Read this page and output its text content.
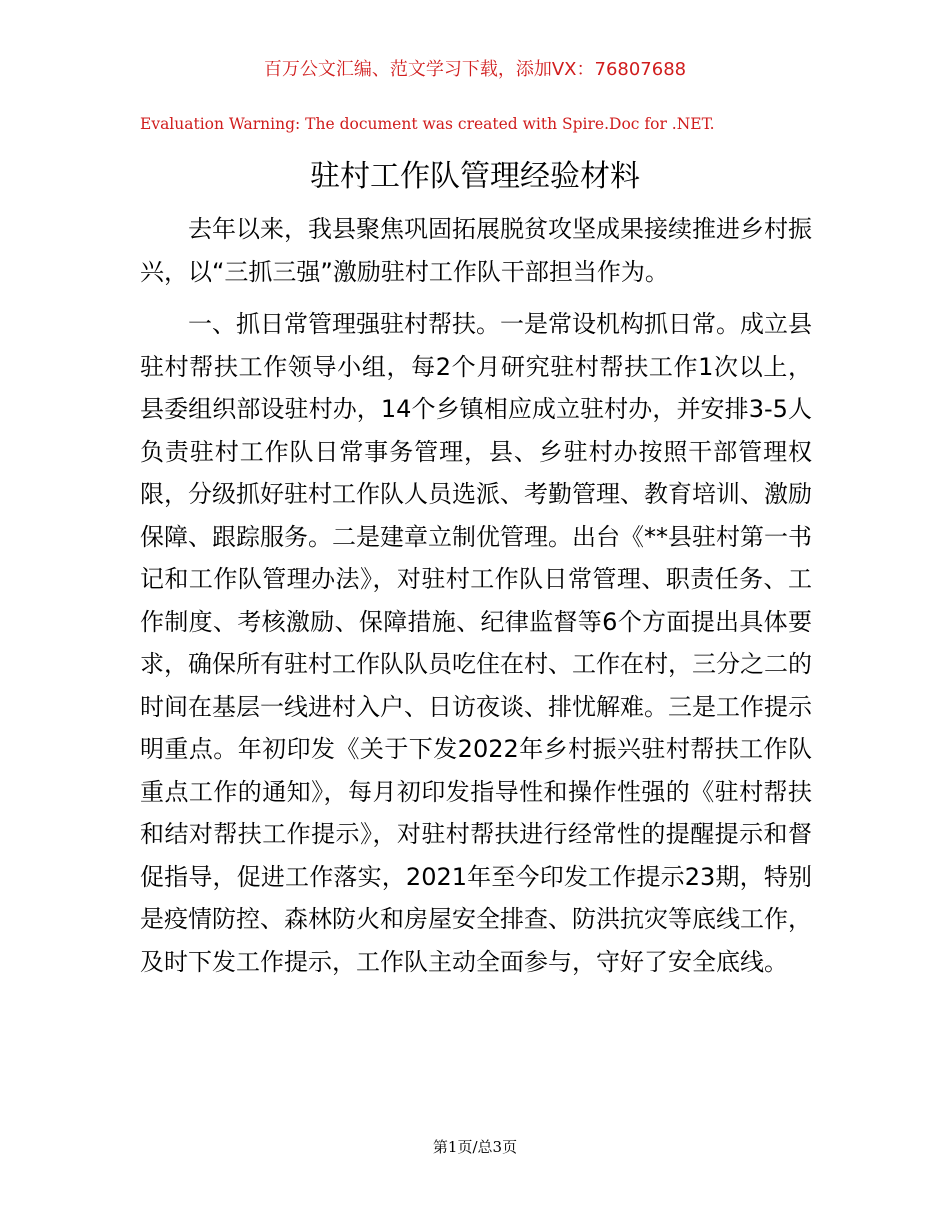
百万公文汇编、范文学习下载，添加VX：76807688
Evaluation Warning: The document was created with Spire.Doc for .NET.
驻村工作队管理经验材料

去年以来，我县聚焦巩固拓展脱贫攻坚成果接续推进乡村振兴，以“三抓三强”激励驻村工作队干部担当作为。

一、抓日常管理强驻村帮扶。一是常设机构抓日常。成立县驻村帮扶工作领导小组，每2个月研究驻村帮扶工作1次以上，县委组织部设驻村办，14个乡镇相应成立驻村办，并安排3-5人负责驻村工作队日常事务管理，县、乡驻村办按照干部管理权限，分级抓好驻村工作队人员选派、考勤管理、教育培训、激励保障、跟踪服务。二是建章立制优管理。出台《**县驻村第一书记和工作队管理办法》，对驻村工作队日常管理、职责任务、工作制度、考核激励、保障措施、纪律监督等6个方面提出具体要求，确保所有驻村工作队队员吃住在村、工作在村，三分之二的时间在基层一线进村入户、日访夜谈、排忧解难。三是工作提示明重点。年初印发《关于下发2022年乡村振兴驻村帮扶工作队重点工作的通知》，每月初印发指导性和操作性强的《驻村帮扶和结对帮扶工作提示》，对驻村帮扶进行经常性的提醒提示和督促指导，促进工作落实，2021年至今印发工作提示23期，特别是疫情防控、森林防火和房屋安全排查、防洪抗灾等底线工作，及时下发工作提示，工作队主动全面参与，守好了安全底线。

第1页/总3页
